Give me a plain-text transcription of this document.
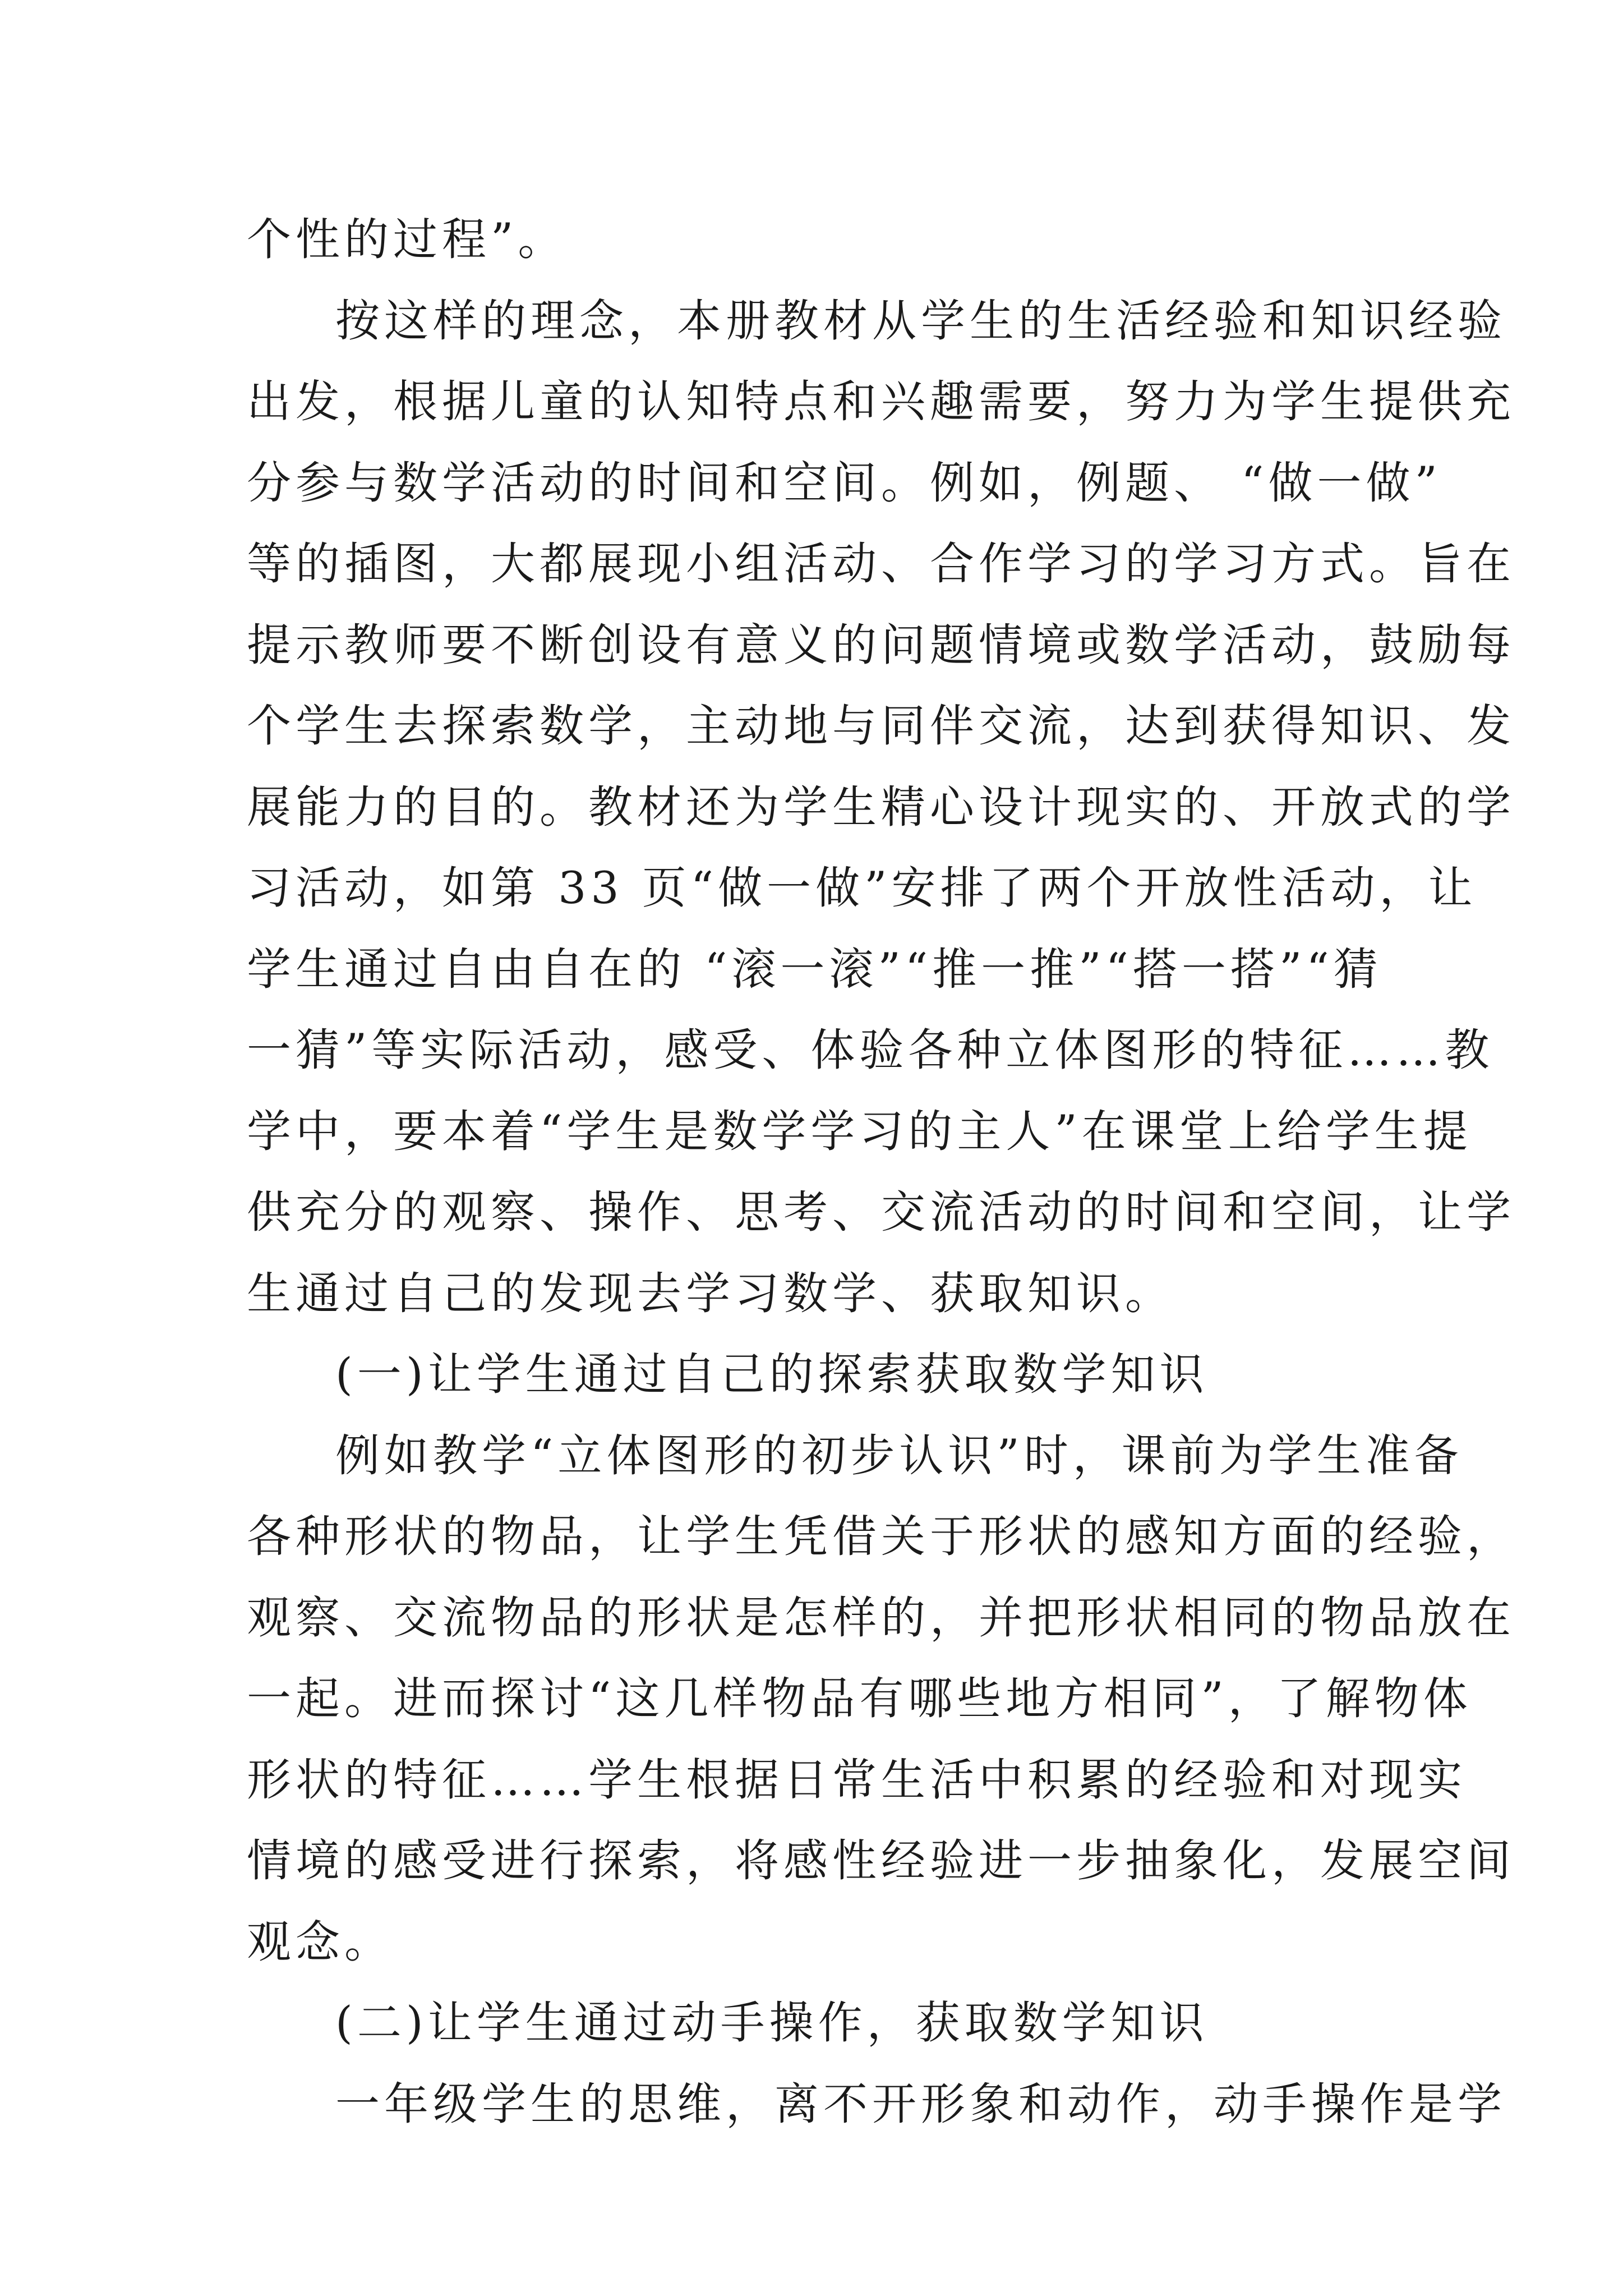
个性的过程”。
按这样的理念，本册教材从学生的生活经验和知识经验
出发，根据儿童的认知特点和兴趣需要，努力为学生提供充
分参与数学活动的时间和空间。例如，例题、 “做一做”
等的插图，大都展现小组活动、合作学习的学习方式。旨在
提示教师要不断创设有意义的问题情境或数学活动，鼓励每
个学生去探索数学，主动地与同伴交流，达到获得知识、发
展能力的目的。教材还为学生精心设计现实的、开放式的学
习活动，如第 33 页“做一做”安排了两个开放性活动，让
学生通过自由自在的 “滚一滚”“推一推”“搭一搭”“猜
一猜”等实际活动，感受、体验各种立体图形的特征……教
学中，要本着“学生是数学学习的主人”在课堂上给学生提
供充分的观察、操作、思考、交流活动的时间和空间，让学
生通过自己的发现去学习数学、获取知识。
(一)让学生通过自己的探索获取数学知识
例如教学“立体图形的初步认识”时，课前为学生准备
各种形状的物品，让学生凭借关于形状的感知方面的经验，
观察、交流物品的形状是怎样的，并把形状相同的物品放在
一起。进而探讨“这几样物品有哪些地方相同”，了解物体
形状的特征……学生根据日常生活中积累的经验和对现实
情境的感受进行探索，将感性经验进一步抽象化，发展空间
观念。
(二)让学生通过动手操作，获取数学知识
一年级学生的思维，离不开形象和动作，动手操作是学
